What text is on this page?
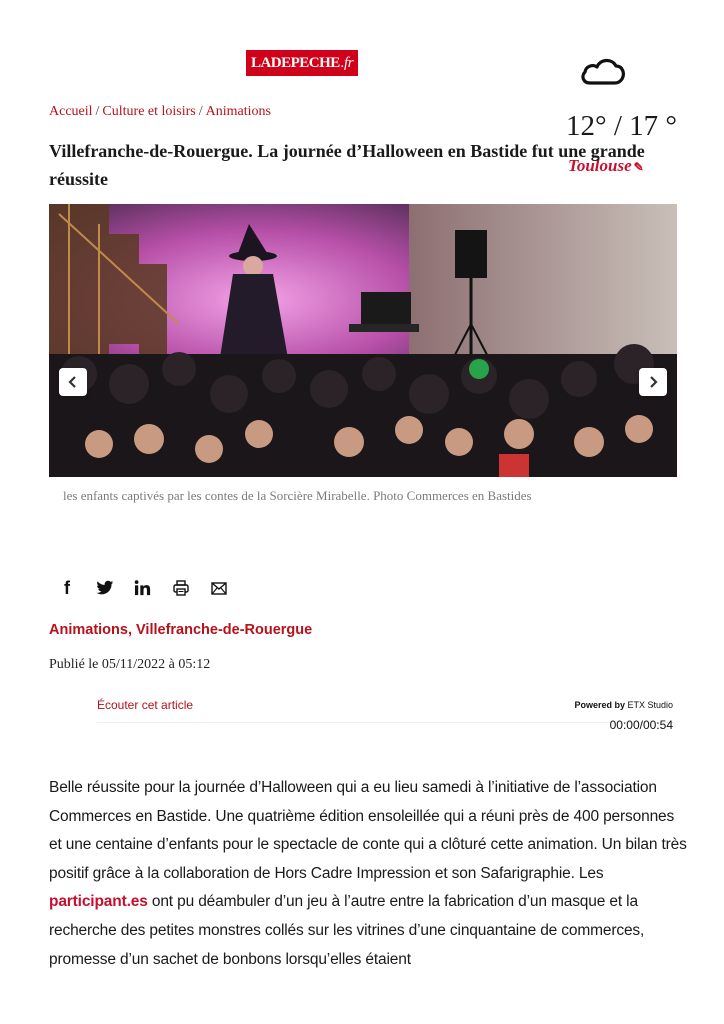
LADEPECHE .fr
12° / 17 °
Toulouse ✎
Accueil / Culture et loisirs / Animations
Villefranche-de-Rouergue. La journée d’Halloween en Bastide fut une grande réussite
les enfants captivés par les contes de la Sorcière Mirabelle. Photo Commerces en Bastides
f
Animations, Villefranche-de-Rouergue
Publié le 05/11/2022 à 05:12
Écouter cet article	Powered by ETX Studio
00:00/00:54

Belle réussite pour la journée d’Halloween qui a eu lieu samedi à l’initiative de l’association Commerces en Bastide. Une quatrième édition ensoleillée qui a réuni près de 400 personnes et une centaine d’enfants pour le spectacle de conte qui a clôturé cette animation. Un bilan très positif grâce à la collaboration de Hors Cadre Impression et son Safarigraphie. Les participant.es ont pu déambuler d’un jeu à l’autre entre la fabrication d’un masque et la recherche des petites monstres collés sur les vitrines d’une cinquantaine de commerces, promesse d’un sachet de bonbons lorsqu’elles étaient
